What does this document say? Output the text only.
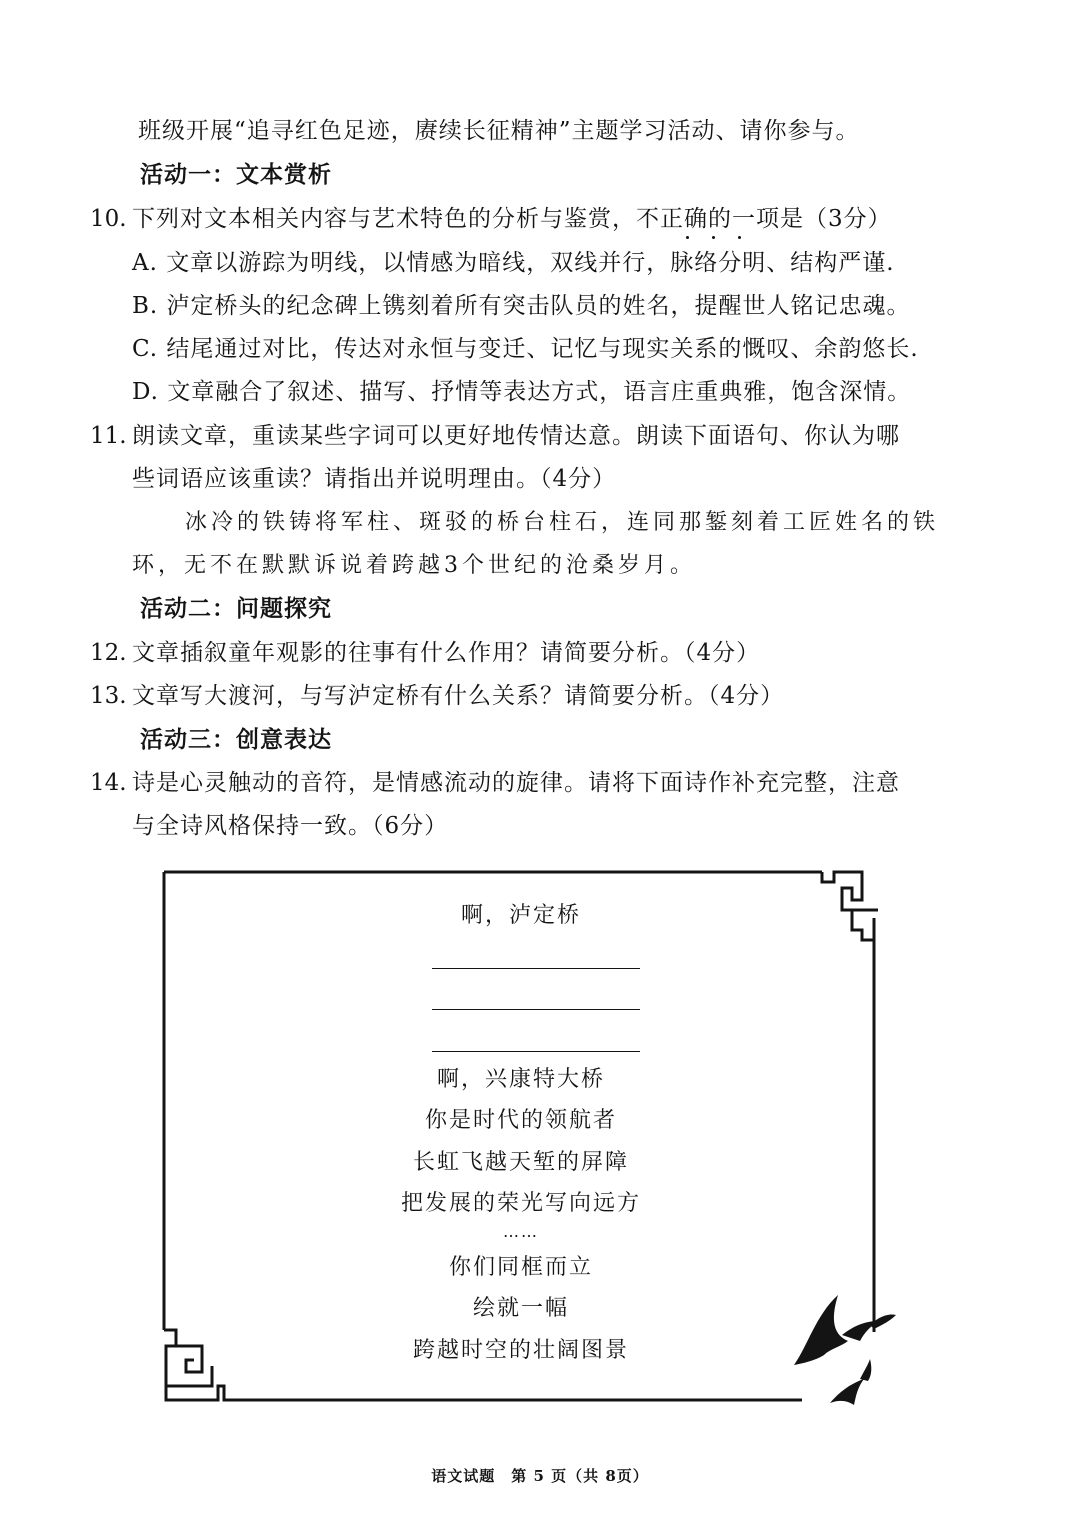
班级开展“追寻红色足迹，赓续长征精神”主题学习活动、请你参与。
活动一：文本赏析
10. 下列对文本相关内容与艺术特色的分析与鉴赏，不正确的一项是（3分）
A. 文章以游踪为明线，以情感为暗线，双线并行，脉络分明、结构严谨.
B. 泸定桥头的纪念碑上镌刻着所有突击队员的姓名，提醒世人铭记忠魂。
C. 结尾通过对比，传达对永恒与变迁、记忆与现实关系的慨叹、余韵悠长.
D. 文章融合了叙述、描写、抒情等表达方式，语言庄重典雅，饱含深情。
11. 朗读文章，重读某些字词可以更好地传情达意。朗读下面语句、你认为哪
些词语应该重读？请指出并说明理由。（4分）
冰冷的铁铸将军柱、斑驳的桥台柱石，连同那錾刻着工匠姓名的铁
环，无不在默默诉说着跨越3个世纪的沧桑岁月。
活动二：问题探究
12. 文章插叙童年观影的往事有什么作用？请简要分析。（4分）
13. 文章写大渡河，与写泸定桥有什么关系？请简要分析。（4分）
活动三：创意表达
14. 诗是心灵触动的音符，是情感流动的旋律。请将下面诗作补充完整，注意
与全诗风格保持一致。（6分）
啊，泸定桥
啊，兴康特大桥
你是时代的领航者
长虹飞越天堑的屏障
把发展的荣光写向远方
……
你们同框而立
绘就一幅
跨越时空的壮阔图景
语文试题　第 5 页（共 8页）
